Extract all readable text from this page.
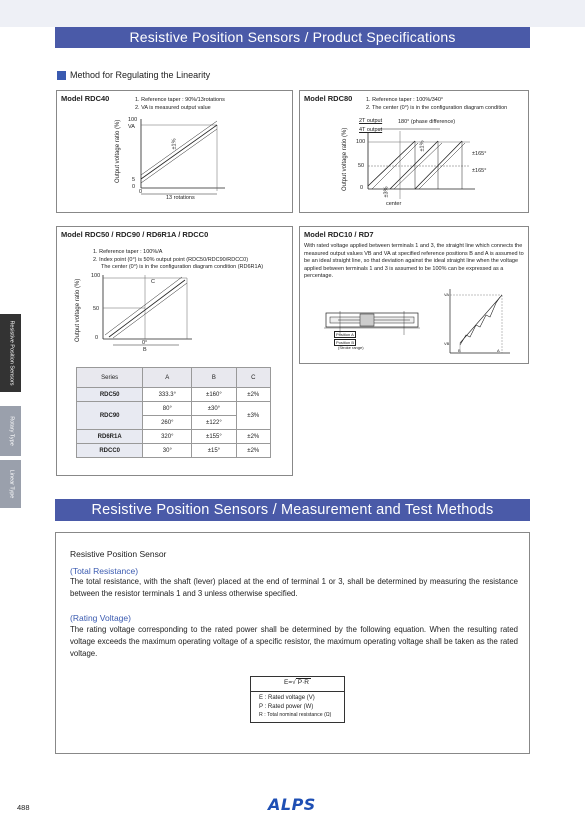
Resistive Position Sensors / Product Specifications
Method for Regulating the Linearity
Model RDC40	1. Reference taper : 90%/13rotations
2. VA is measured output value
Output voltage ratio (%) 100
VA
5
0
0
13 rotations
±1%
Model RDC80 1. Reference taper : 100%/340°
2. The center (0°) is in the configuration diagram condition
Output voltage ratio (%)
2T output
4T output
180° (phase difference)
100
50
0
±165°
±165°
center
±1%
±3%
Model RDC50 / RDC90 / RD6R1A / RDCC0
1. Reference taper : 100%/A
2. Index point (0°) is 50% output point (RDC50/RDC90/RDCC0)
The center (0°) is in the configuration diagram condition (RD6R1A)
Output voltage ratio (%)
100
50
0
C
0°
B
Series	A	B	C
RDC50	333.3°	±160°	±2%
RDC90	80°	±30°	±3%
	260°	±122°	
RD6R1A	320°	±155°	±2%
RDCC0	30°	±15°	±2%
Model RDC10 / RD7
With rated voltage applied between terminals 1 and 3, the straight line which connects the measured output values VB and VA at specified reference positions B and A is assumed to be an ideal straight line, so that deviation against the ideal straight line when the voltage applied between terminals 1 and 3 is assumed to be 100% can be expressed as a percentage.
Position A
Position B
(Stroke range)
VA
VB
B	A
Resistive Position Sensors
Rotary Type
Linear Type
Resistive Position Sensors / Measurement and Test Methods
Resistive Position Sensor
(Total Resistance)
The total resistance, with the shaft (lever) placed at the end of terminal 1 or 3, shall be determined by measuring the resistance between the resistor terminals 1 and 3 unless otherwise specified.
(Rating Voltage)
The rating voltage corresponding to the rated power shall be determined by the following equation. When the resulting rated voltage exceeds the maximum operating voltage of a specific resistor, the maximum operating voltage shall be taken as the rated voltage.
E=√ P·R
E : Rated voltage (V)
P : Rated power (W)
R : Total nominal resistance (Ω)
488	ALPS
